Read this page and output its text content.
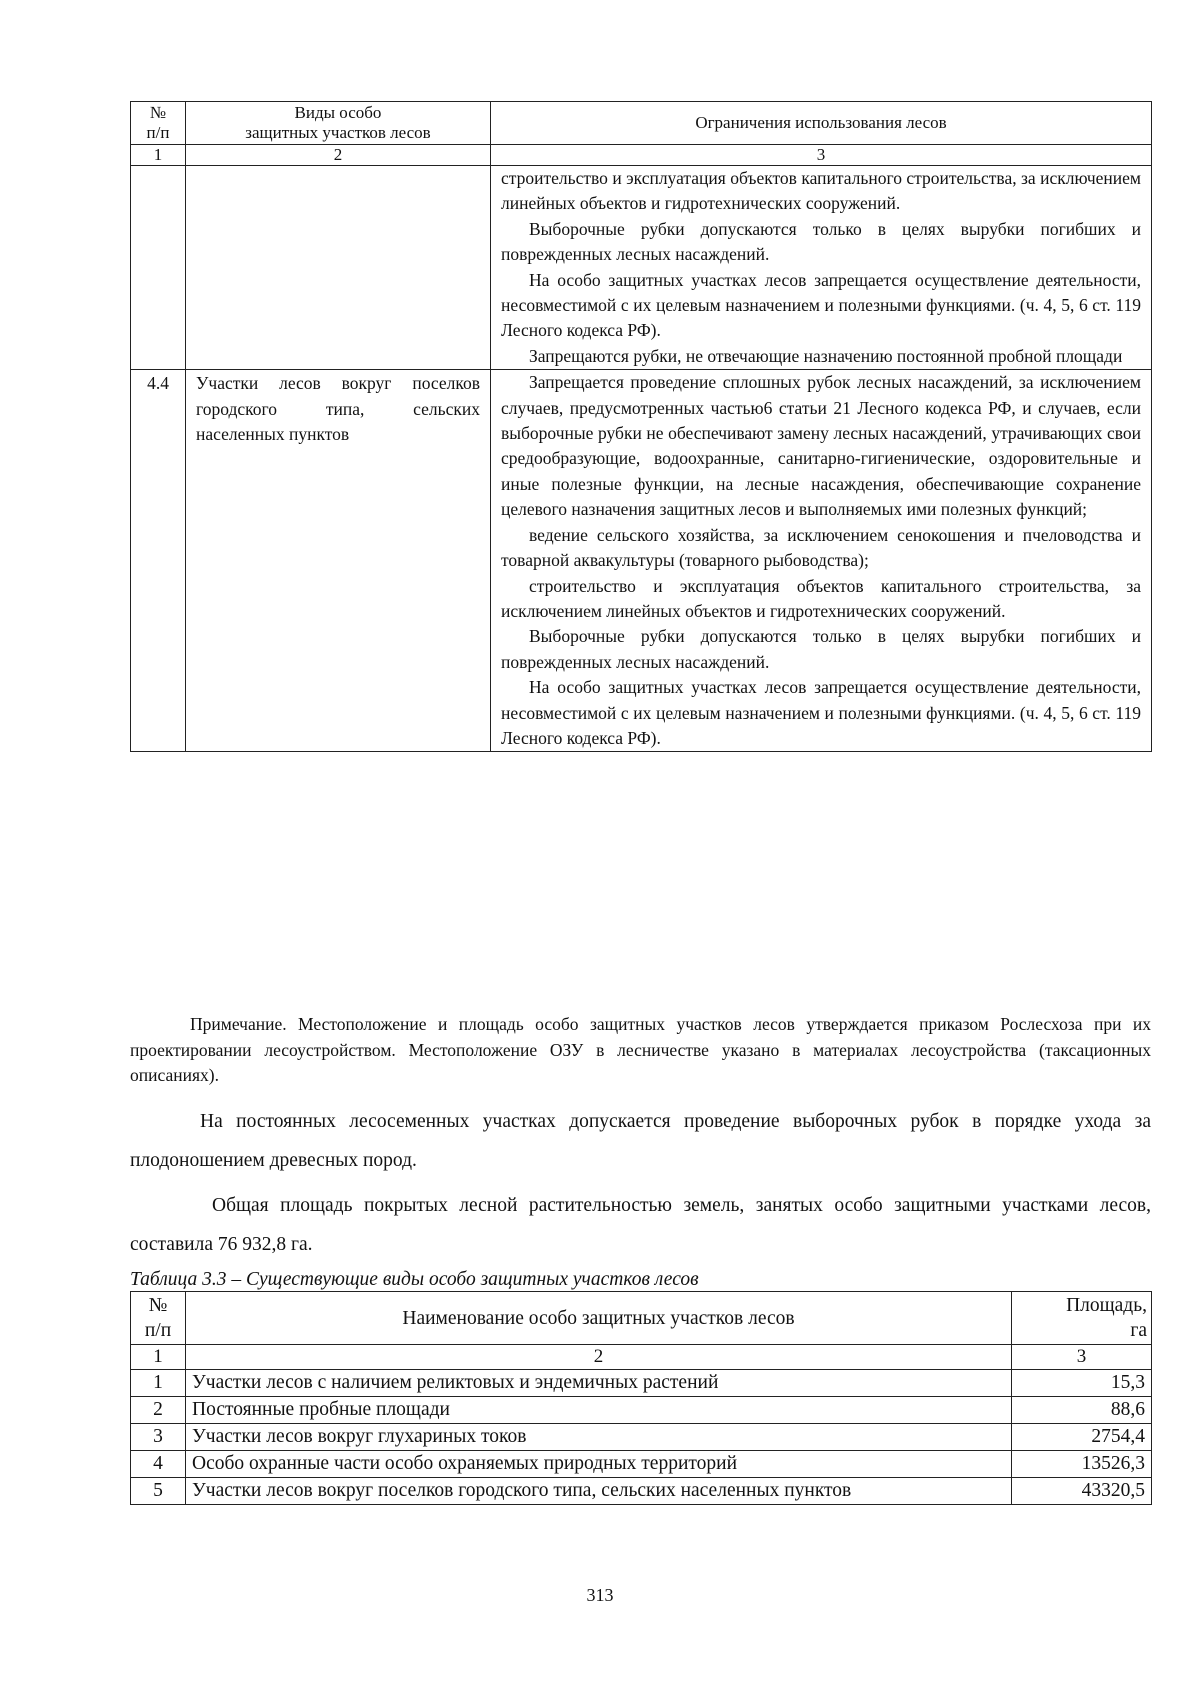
№
п/п	Виды особо
защитных участков лесов	Ограничения использования лесов
1	2	3

		строительство и эксплуатация объектов капитального строительства, за исключением линейных объектов и гидротехнических сооружений.

Выборочные рубки допускаются только в целях вырубки погибших и поврежденных лесных насаждений.

На особо защитных участках лесов запрещается осуществление деятельности, несовместимой с их целевым назначением и полезными функциями. (ч. 4, 5, 6 ст. 119 Лесного кодекса РФ).

Запрещаются рубки, не отвечающие назначению постоянной пробной площади

4.4	Участки лесов вокруг поселков городского типа, сельских населенных пунктов	Запрещается проведение сплошных рубок лесных насаждений, за исключением случаев, предусмотренных частью6 статьи 21 Лесного кодекса РФ, и случаев, если выборочные рубки не обеспечивают замену лесных насаждений, утрачивающих свои средообразующие, водоохранные, санитарно-гигиенические, оздоровительные и иные полезные функции, на лесные насаждения, обеспечивающие сохранение целевого назначения защитных лесов и выполняемых ими полезных функций;

ведение сельского хозяйства, за исключением сенокошения и пчеловодства и товарной аквакультуры (товарного рыбоводства);

строительство и эксплуатация объектов капитального строительства, за исключением линейных объектов и гидротехнических сооружений.

Выборочные рубки допускаются только в целях вырубки погибших и поврежденных лесных насаждений.

На особо защитных участках лесов запрещается осуществление деятельности, несовместимой с их целевым назначением и полезными функциями. (ч. 4, 5, 6 ст. 119 Лесного кодекса РФ).

Примечание. Местоположение и площадь особо защитных участков лесов утверждается приказом Рослесхоза при их проектировании лесоустройством. Местоположение ОЗУ в лесничестве указано в материалах лесоустройства (таксационных описаниях).

На постоянных лесосеменных участках допускается проведение выборочных рубок в порядке ухода за плодоношением древесных пород.

Общая площадь покрытых лесной растительностью земель, занятых особо защитными участками лесов, составила 76 932,8 га.

Таблица 3.3 – Существующие виды особо защитных участков лесов

№
п/п	Наименование особо защитных участков лесов	Площадь,
га
1	2	3
1	Участки лесов с наличием реликтовых и эндемичных растений	15,3
2	Постоянные пробные площади	88,6
3	Участки лесов вокруг глухариных токов	2754,4
4	Особо охранные части особо охраняемых природных территорий	13526,3
5	Участки лесов вокруг поселков городского типа, сельских населенных пунктов	43320,5
313
